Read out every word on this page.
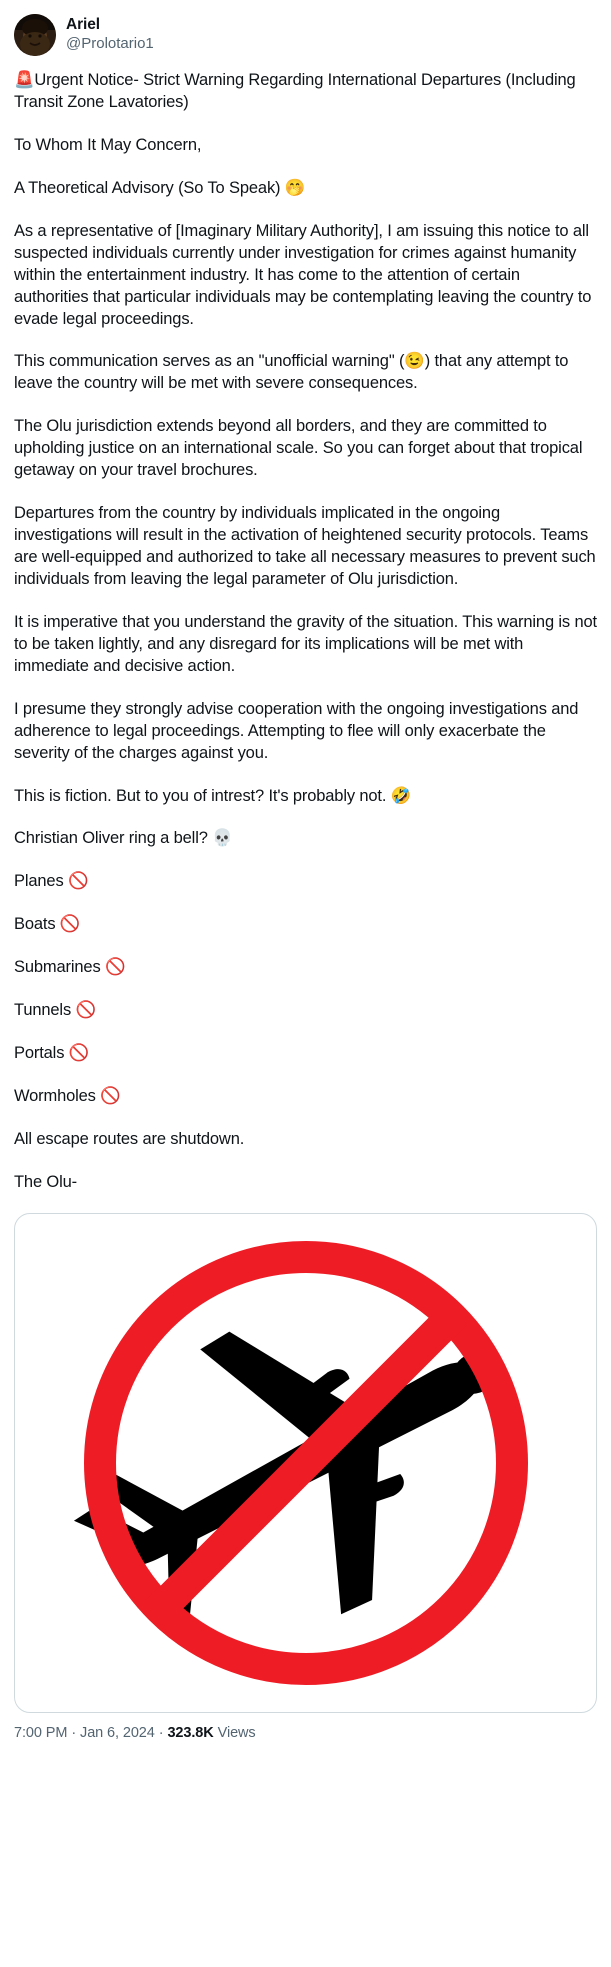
Ariel
@Prolotario1

🚨Urgent Notice- Strict Warning Regarding International Departures (Including Transit Zone Lavatories)

To Whom It May Concern,

A Theoretical Advisory (So To Speak) 🤭

As a representative of [Imaginary Military Authority], I am issuing this notice to all suspected individuals currently under investigation for crimes against humanity within the entertainment industry. It has come to the attention of certain authorities that particular individuals may be contemplating leaving the country to evade legal proceedings.

This communication serves as an "unofficial warning" (😉) that any attempt to leave the country will be met with severe consequences.

The Olu jurisdiction extends beyond all borders, and they are committed to upholding justice on an international scale. So you can forget about that tropical getaway on your travel brochures.

Departures from the country by individuals implicated in the ongoing investigations will result in the activation of heightened security protocols. Teams are well-equipped and authorized to take all necessary measures to prevent such individuals from leaving the legal parameter of Olu jurisdiction.

It is imperative that you understand the gravity of the situation. This warning is not to be taken lightly, and any disregard for its implications will be met with immediate and decisive action.

I presume they strongly advise cooperation with the ongoing investigations and adherence to legal proceedings. Attempting to flee will only exacerbate the severity of the charges against you.

This is fiction. But to you of intrest? It's probably not. 🤣

Christian Oliver ring a bell? 💀

Planes 🚫

Boats 🚫

Submarines 🚫

Tunnels 🚫

Portals 🚫

Wormholes 🚫

All escape routes are shutdown.

The Olu-

7:00 PM · Jan 6, 2024 · 323.8K Views
